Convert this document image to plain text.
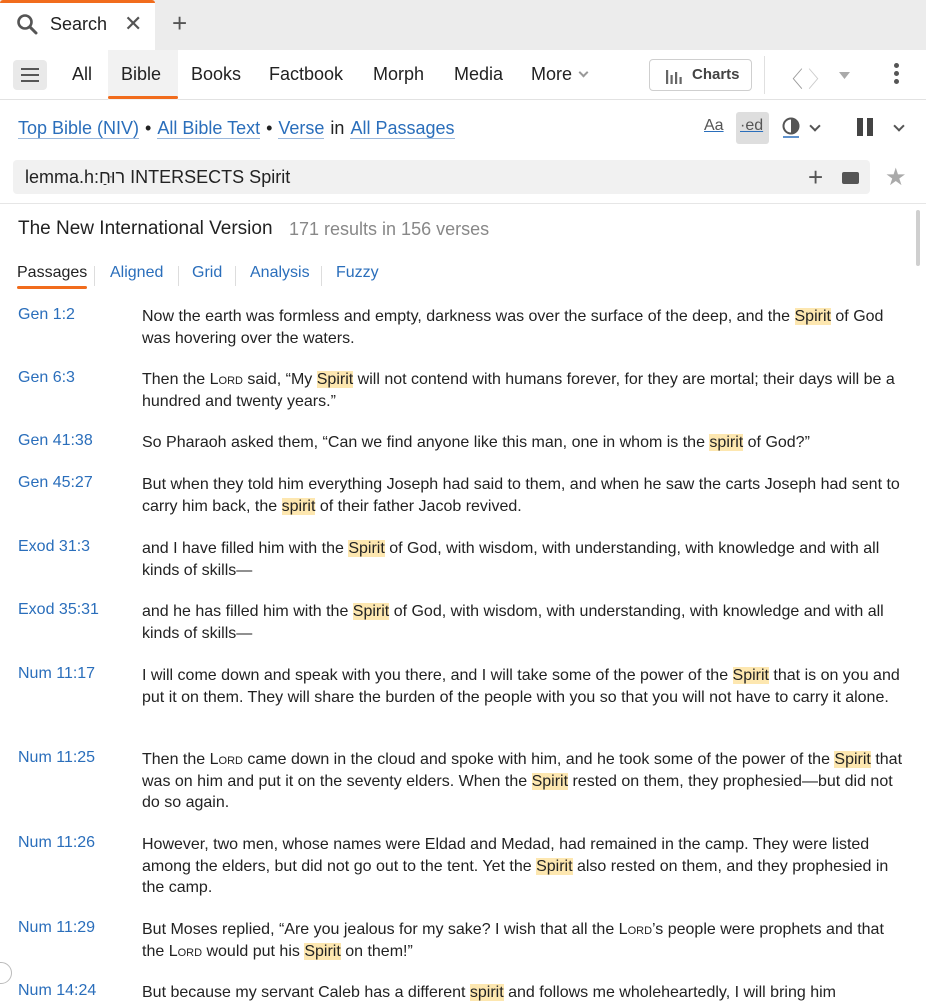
Search ✕ +
All Bible Books Factbook Morph Media More	Charts 〈 〉
Top Bible (NIV) • All Bible Text • Verse in All Passages	Aa ·ed
lemma.h:רוּחַ INTERSECTS Spirit	+	★
The New International Version 171 results in 156 verses
Passages Aligned Grid Analysis Fuzzy
Gen 1:2	Now the earth was formless and empty, darkness was over the surface of the deep, and the Spirit of God was hovering over the waters.
Gen 6:3	Then the Lord said, “My Spirit will not contend with humans forever, for they are mortal; their days will be a hundred and twenty years.”
Gen 41:38	So Pharaoh asked them, “Can we find anyone like this man, one in whom is the spirit of God?”
Gen 45:27	But when they told him everything Joseph had said to them, and when he saw the carts Joseph had sent to carry him back, the spirit of their father Jacob revived.
Exod 31:3	and I have filled him with the Spirit of God, with wisdom, with understanding, with knowledge and with all kinds of skills—
Exod 35:31	and he has filled him with the Spirit of God, with wisdom, with understanding, with knowledge and with all kinds of skills—
Num 11:17	I will come down and speak with you there, and I will take some of the power of the Spirit that is on you and put it on them. They will share the burden of the people with you so that you will not have to carry it alone.
Num 11:25	Then the Lord came down in the cloud and spoke with him, and he took some of the power of the Spirit that was on him and put it on the seventy elders. When the Spirit rested on them, they prophesied—but did not do so again.
Num 11:26	However, two men, whose names were Eldad and Medad, had remained in the camp. They were listed among the elders, but did not go out to the tent. Yet the Spirit also rested on them, and they prophesied in the camp.
Num 11:29	But Moses replied, “Are you jealous for my sake? I wish that all the Lord’s people were prophets and that the Lord would put his Spirit on them!”
Num 14:24	But because my servant Caleb has a different spirit and follows me wholeheartedly, I will bring him
